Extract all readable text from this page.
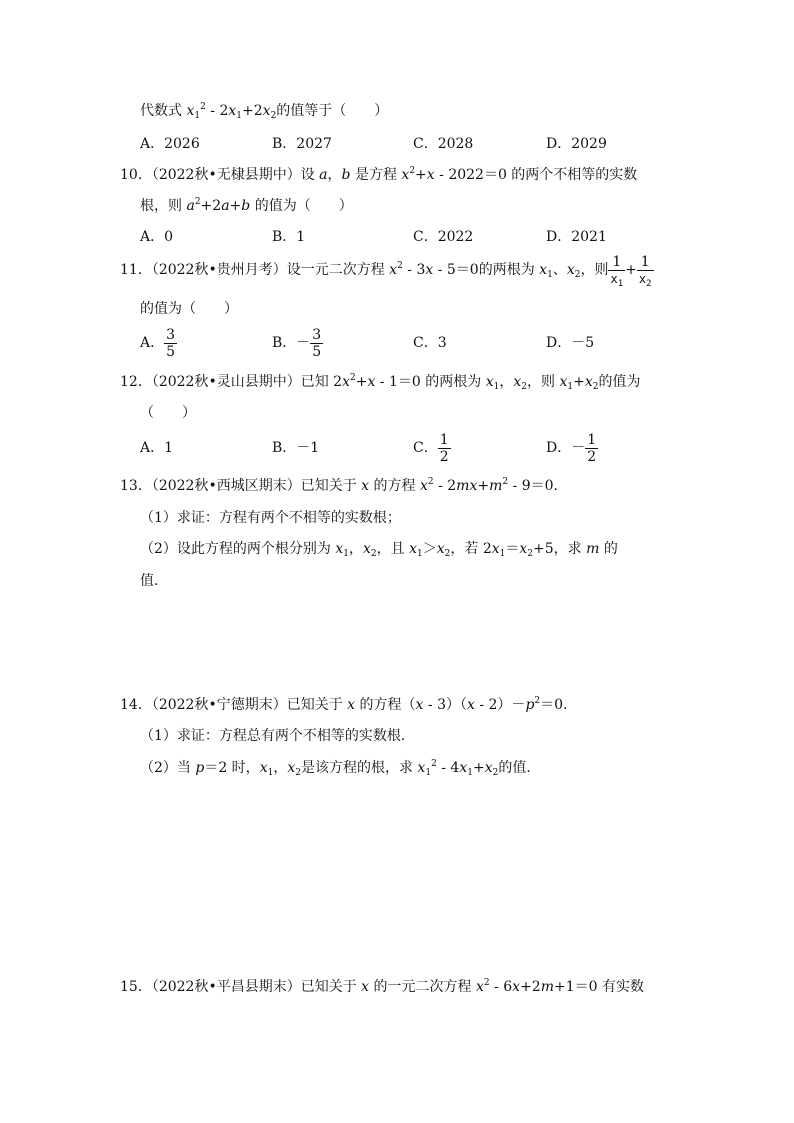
代数式 $x_1^2 - 2x_1+2x_2$的值等于（　　）
A．2026	B．2027	C．2028	D．2029
10．（2022秋•无棣县期中）设 a，b 是方程 $x^2+x - 2022=0$ 的两个不相等的实数
根，则 $a^2+2a+b$ 的值为（　　）
A．0	B．1	C．2022	D．2021
11．（2022秋•贵州月考）设一元二次方程 $x^2 - 3x - 5=0$的两根为 $x_1$、$x_2$，则 $\frac{1}{x_1} + \frac{1}{x_2}$
的值为（　　）
A． $\frac{3}{5}$	B．－ $\frac{3}{5}$	C．3	D．－5
12．（2022秋•灵山县期中）已知 $2x^2+x - 1=0$ 的两根为 $x_1$，$x_2$，则 $x_1+x_2$的值为
（　　）
A．1	B．－1	C． $\frac{1}{2}$	D．－ $\frac{1}{2}$
13．（2022秋•西城区期末）已知关于 x 的方程 $x^2 - 2mx+m^2 - 9=0$．
（1）求证：方程有两个不相等的实数根；
（2）设此方程的两个根分别为 $x_1$，$x_2$，且 $x_1>x_2$，若 $2x_1=x_2+5$，求 m 的
值．
14．（2022秋•宁德期末）已知关于 x 的方程$(x - 3)(x - 2)-p^2=0$．
（1）求证：方程总有两个不相等的实数根．
（2）当 p＝2 时，$x_1$，$x_2$是该方程的根，求 $x_1^2 - 4x_1+x_2$的值．
15．（2022秋•平昌县期末）已知关于 x 的一元二次方程 $x^2 - 6x+2m+1=0$ 有实数
